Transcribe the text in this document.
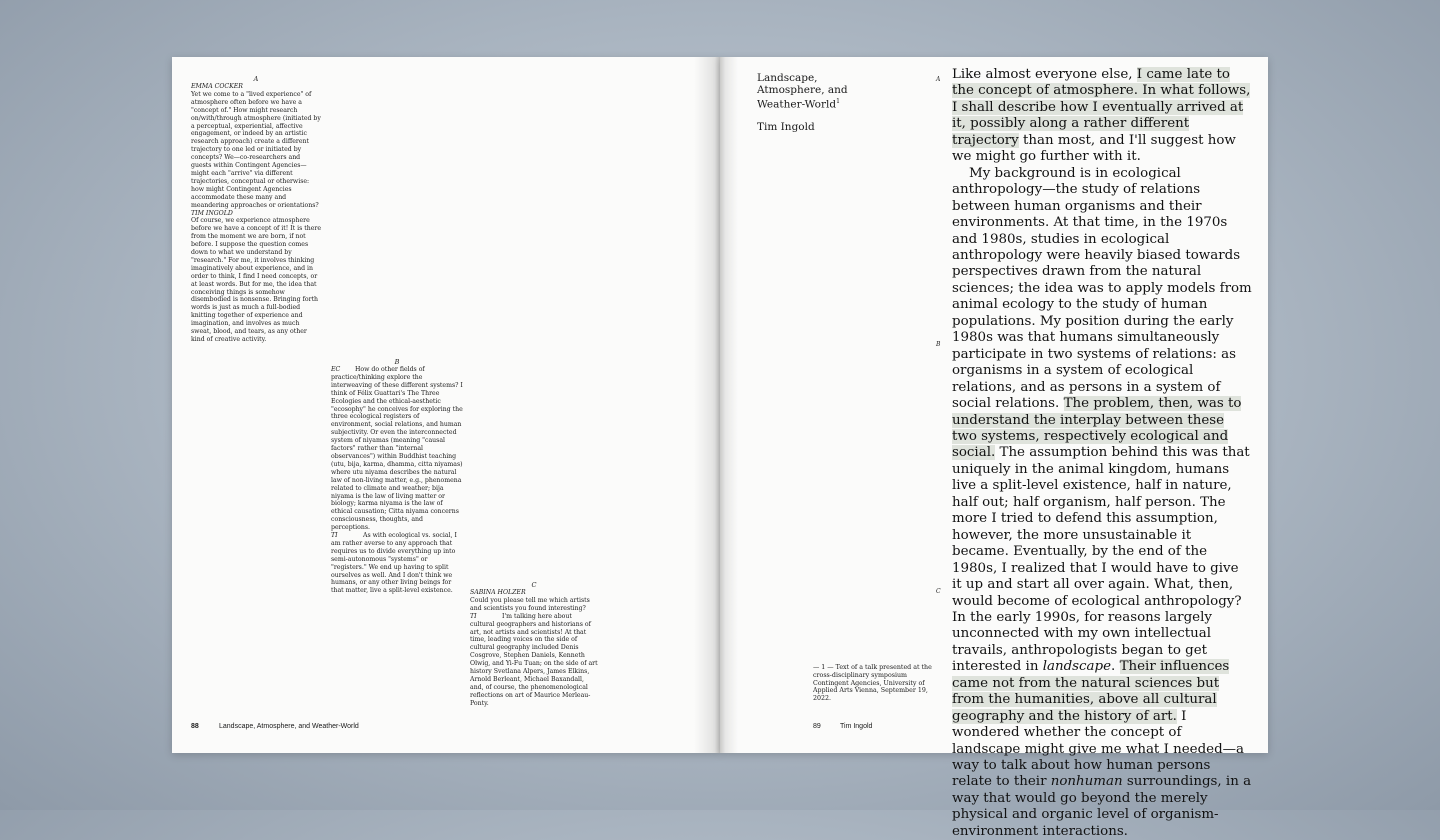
A
EMMA COCKER

Yet we come to a "lived experience" of atmosphere often before we have a "concept of." How might research on/with/through atmosphere (initiated by a perceptual, experiential, affective engagement, or indeed by an artistic research approach) create a different trajectory to one led or initiated by concepts? We—co-researchers and guests within Contingent Agencies—might each "arrive" via different trajectories, conceptual or otherwise: how might Contingent Agencies accommodate these many and meandering approaches or orientations?

TIM INGOLD

Of course, we experience atmosphere before we have a concept of it! It is there from the moment we are born, if not before. I suppose the question comes down to what we understand by "research." For me, it involves thinking imaginatively about experience, and in order to think, I find I need concepts, or at least words. But for me, the idea that conceiving things is somehow disembodied is nonsense. Bringing forth words is just as much a full-bodied knitting together of experience and imagination, and involves as much sweat, blood, and tears, as any other kind of creative activity.

B

EC How do other fields of practice/thinking explore the interweaving of these different systems? I think of Félix Guattari's The Three Ecologies and the ethical-aesthetic "ecosophy" he conceives for exploring the three ecological registers of environment, social relations, and human subjectivity. Or even the interconnected system of niyamas (meaning "causal factors" rather than "internal observances") within Buddhist teaching (utu, bija, karma, dhamma, citta niyamas) where utu niyama describes the natural law of non-living matter, e.g., phenomena related to climate and weather; bija niyama is the law of living matter or biology; karma niyama is the law of ethical causation; Citta niyama concerns consciousness, thoughts, and perceptions.

TI	As with ecological vs. social, I am rather averse to any approach that requires us to divide everything up into semi-autonomous "systems" or "registers." We end up having to split ourselves as well. And I don't think we humans, or any other living beings for that matter, live a split-level existence.

C
SABINA HOLZER

Could you please tell me which artists and scientists you found interesting?

TI	I'm talking here about cultural geographers and historians of art, not artists and scientists! At that time, leading voices on the side of cultural geography included Denis Cosgrove, Stephen Daniels, Kenneth Olwig, and Yi-Fu Tuan; on the side of art history Svetlana Alpers, James Elkins, Arnold Berleant, Michael Baxandall, and, of course, the phenomenological reflections on art of Maurice Merleau-Ponty.

88	Landscape, Atmosphere, and Weather-World
Landscape,
Atmosphere, and
Weather-World$^1$
Tim Ingold
A
B
C

Like almost everyone else, I came late to the concept of atmosphere. In what follows, I shall describe how I eventually arrived at it, possibly along a rather different trajectory than most, and I'll suggest how we might go further with it.

My background is in ecological anthropology—the study of relations between human organisms and their environments. At that time, in the 1970s and 1980s, studies in ecological anthropology were heavily biased towards perspectives drawn from the natural sciences; the idea was to apply models from animal ecology to the study of human populations. My position during the early 1980s was that humans simultaneously participate in two systems of relations: as organisms in a system of ecological relations, and as persons in a system of social relations. The problem, then, was to understand the interplay between these two systems, respectively ecological and social. The assumption behind this was that uniquely in the animal kingdom, humans live a split-level existence, half in nature, half out; half organism, half person. The more I tried to defend this assumption, however, the more unsustainable it became. Eventually, by the end of the 1980s, I realized that I would have to give it up and start all over again. What, then, would become of ecological anthropology?

In the early 1990s, for reasons largely unconnected with my own intellectual travails, anthropologists began to get interested in landscape. Their influences came not from the natural sciences but from the humanities, above all cultural geography and the history of art. I wondered whether the concept of landscape might give me what I needed—a way to talk about how human persons relate to their nonhuman surroundings, in a way that would go beyond the merely physical and organic level of organism-environment interactions.

— 1 — Text of a talk presented at the cross-disciplinary symposium Contingent Agencies, University of Applied Arts Vienna, September 19, 2022.
89	Tim Ingold
